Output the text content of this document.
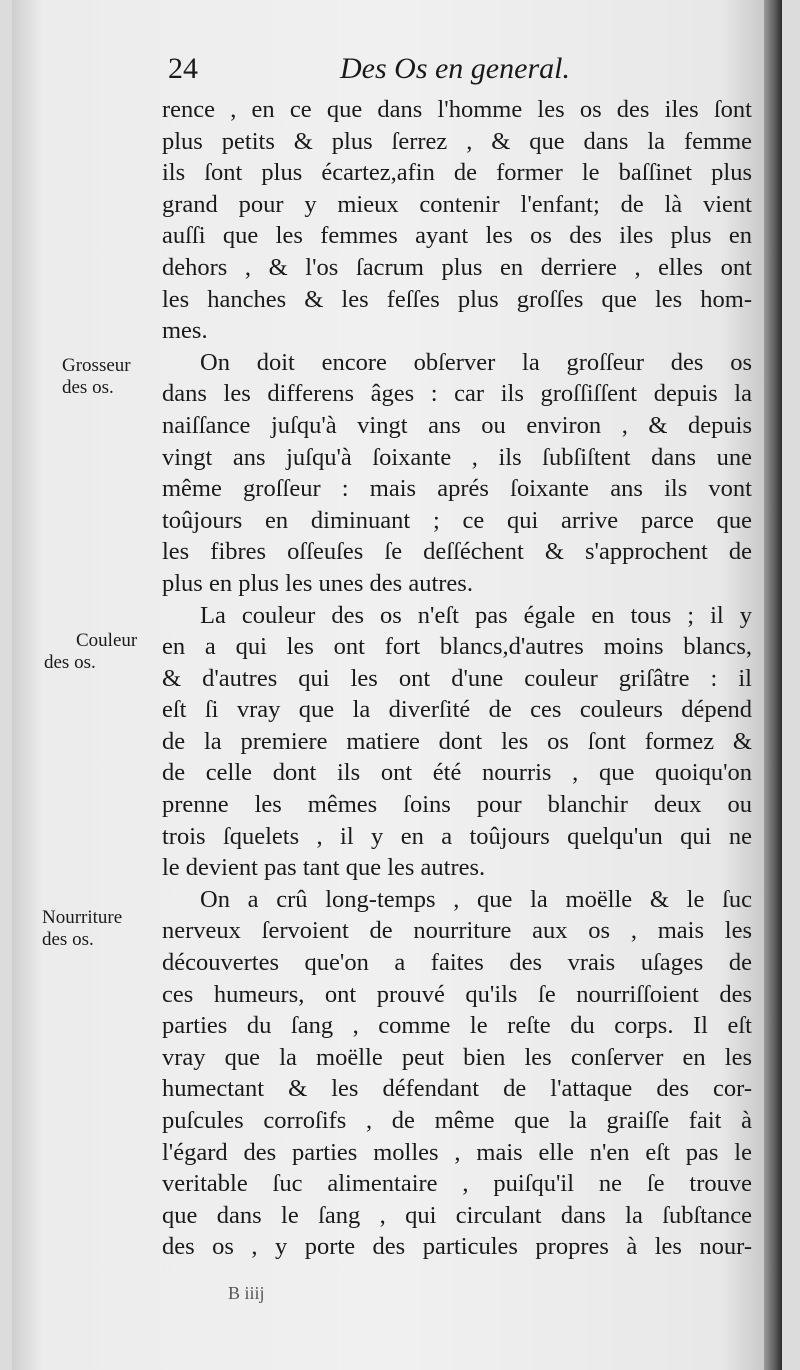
24	Des Os en general.
Grosseur
des os.
Couleur
des os.
Nourriture
des os.

rence , en ce que dans l'homme les os des iles ſont
plus petits & plus ſerrez , & que dans la femme
ils ſont plus écartez,afin de former le baſſinet plus
grand pour y mieux contenir l'enfant; de là vient
auſſi que les femmes ayant les os des iles plus en
dehors , & l'os ſacrum plus en derriere , elles ont
les hanches & les feſſes plus groſſes que les hom-
mes.

On doit encore obſerver la groſſeur des os
dans les differens âges : car ils groſſiſſent depuis la
naiſſance juſqu'à vingt ans ou environ , & depuis
vingt ans juſqu'à ſoixante , ils ſubſiſtent dans une
même groſſeur : mais aprés ſoixante ans ils vont
toûjours en diminuant ; ce qui arrive parce que
les fibres oſſeuſes ſe deſſéchent & s'approchent de
plus en plus les unes des autres.

La couleur des os n'eſt pas égale en tous ; il y
en a qui les ont fort blancs,d'autres moins blancs,
& d'autres qui les ont d'une couleur griſâtre : il
eſt ſi vray que la diverſité de ces couleurs dépend
de la premiere matiere dont les os ſont formez &
de celle dont ils ont été nourris , que quoiqu'on
prenne les mêmes ſoins pour blanchir deux ou
trois ſquelets , il y en a toûjours quelqu'un qui ne
le devient pas tant que les autres.

On a crû long-temps , que la moëlle & le ſuc
nerveux ſervoient de nourriture aux os , mais les
découvertes que'on a faites des vrais uſages de
ces humeurs, ont prouvé qu'ils ſe nourriſſoient des
parties du ſang , comme le reſte du corps. Il eſt
vray que la moëlle peut bien les conſerver en les
humectant & les défendant de l'attaque des cor-
puſcules corroſifs , de même que la graiſſe fait à
l'égard des parties molles , mais elle n'en eſt pas le
veritable ſuc alimentaire , puiſqu'il ne ſe trouve
que dans le ſang , qui circulant dans la ſubſtance
des os , y porte des particules propres à les nour-

B iiij
